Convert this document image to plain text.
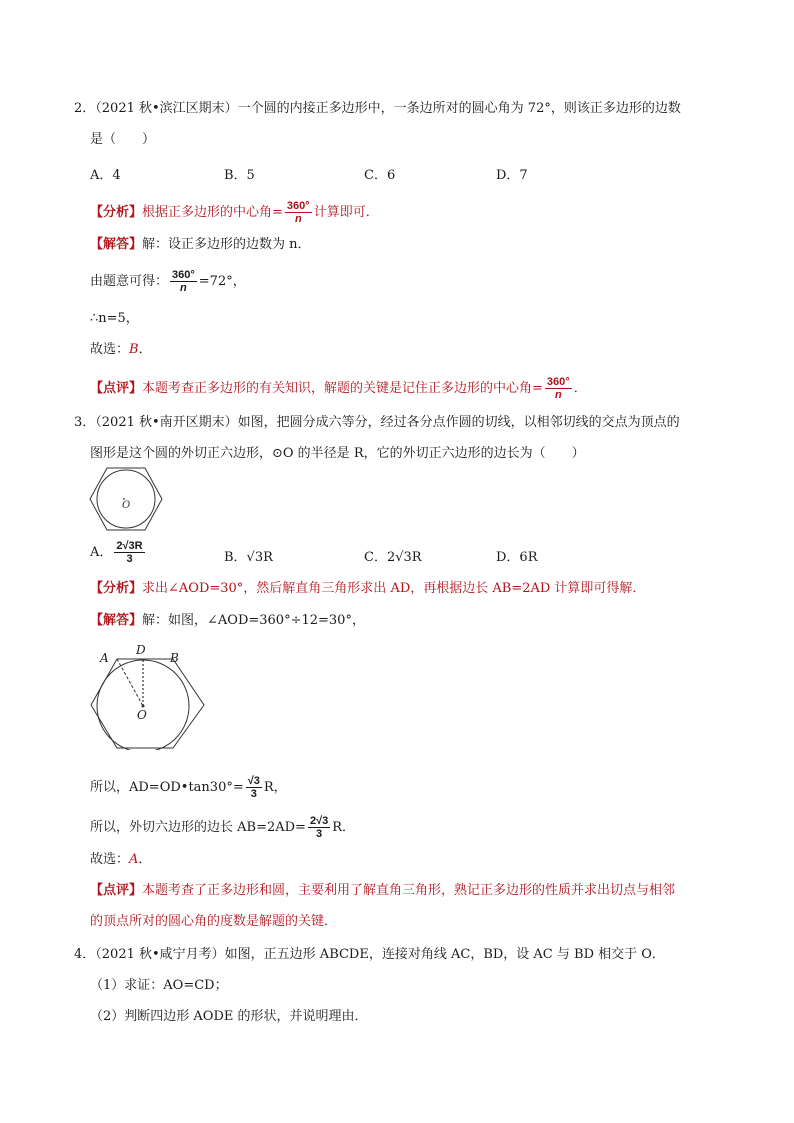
2．（2021 秋•滨江区期末）一个圆的内接正多边形中，一条边所对的圆心角为 72°，则该正多边形的边数
是（　　）
A．4	B．5	C．6	D．7
【分析】根据正多边形的中心角= $\frac{360^\circ}{n}$ 计算即可．
【解答】解：设正多边形的边数为 n．
由题意可得： $\frac{360^\circ}{n} =72^\circ$，
∴n=5，
故选：B．
【点评】本题考查正多边形的有关知识，解题的关键是记住正多边形的中心角= $\frac{360^\circ}{n}$ ．
3．（2021 秋•南开区期末）如图，把圆分成六等分，经过各分点作圆的切线，以相邻切线的交点为顶点的
图形是这个圆的外切正六边形，⊙O 的半径是 R，它的外切正六边形的边长为（　　）
O
A． $\frac{2√3R}{3}$	B．√3R	C．2√3R	D．6R
【分析】求出∠AOD=30°，然后解直角三角形求出 AD，再根据边长 AB=2AD 计算即可得解．
【解答】解：如图，∠AOD=360°÷12=30°，
A
D
B
O
所以，AD=OD•tan30°= $\frac{√3}{3}$ R，
所以，外切六边形的边长 $AB=2AD= \frac{2√3}{3}$ R．
故选：A．
【点评】本题考查了正多边形和圆，主要利用了解直角三角形，熟记正多边形的性质并求出切点与相邻
的顶点所对的圆心角的度数是解题的关键．
4．（2021 秋•咸宁月考）如图，正五边形 ABCDE，连接对角线 AC，BD，设 AC 与 BD 相交于 O．
（1）求证：AO=CD；
（2）判断四边形 AODE 的形状，并说明理由．
